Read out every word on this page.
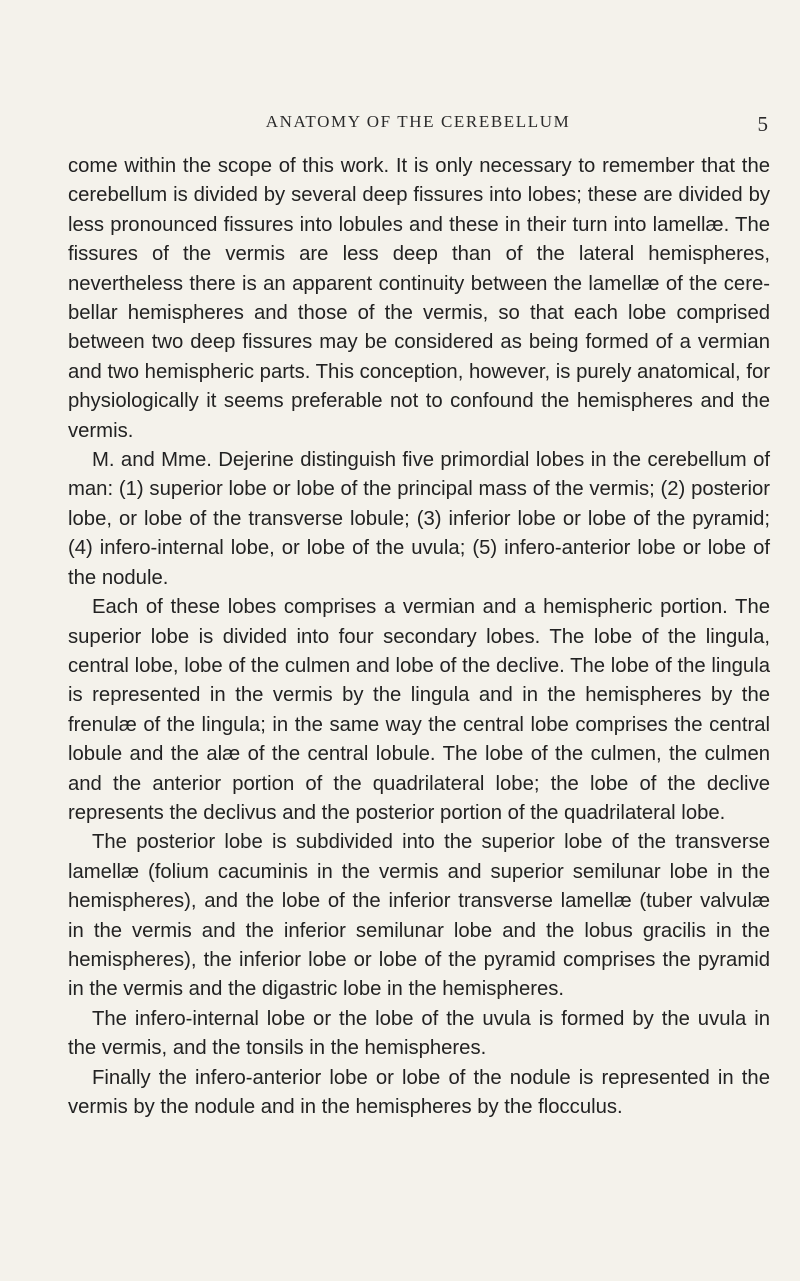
ANATOMY OF THE CEREBELLUM	5

come within the scope of this work. It is only necessary to remember that the cerebellum is divided by several deep fissures into lobes; these are divided by less pronounced fissures into lobules and these in their turn into lamellæ. The fissures of the vermis are less deep than of the lateral hemispheres, nevertheless there is an apparent continuity between the lamellæ of the cerebellar hemispheres and those of the vermis, so that each lobe comprised between two deep fissures may be considered as being formed of a vermian and two hemispheric parts. This conception, however, is purely anatomical, for physiologically it seems preferable not to confound the hemispheres and the vermis.

M. and Mme. Dejerine distinguish five primordial lobes in the cerebellum of man: (1) superior lobe or lobe of the principal mass of the vermis; (2) posterior lobe, or lobe of the transverse lobule; (3) inferior lobe or lobe of the pyramid; (4) infero-internal lobe, or lobe of the uvula; (5) infero-anterior lobe or lobe of the nodule.

Each of these lobes comprises a vermian and a hemispheric portion. The superior lobe is divided into four secondary lobes. The lobe of the lingula, central lobe, lobe of the culmen and lobe of the declive. The lobe of the lingula is represented in the vermis by the lingula and in the hemispheres by the frenulæ of the lingula; in the same way the central lobe comprises the central lobule and the alæ of the central lobule. The lobe of the culmen, the culmen and the anterior portion of the quadrilateral lobe; the lobe of the declive represents the declivus and the posterior portion of the quadrilateral lobe.

The posterior lobe is subdivided into the superior lobe of the transverse lamellæ (folium cacuminis in the vermis and superior semilunar lobe in the hemispheres), and the lobe of the inferior transverse lamellæ (tuber valvulæ in the vermis and the inferior semilunar lobe and the lobus gracilis in the hemispheres), the inferior lobe or lobe of the pyramid comprises the pyramid in the vermis and the digastric lobe in the hemispheres.

The infero-internal lobe or the lobe of the uvula is formed by the uvula in the vermis, and the tonsils in the hemispheres.

Finally the infero-anterior lobe or lobe of the nodule is represented in the vermis by the nodule and in the hemispheres by the flocculus.
